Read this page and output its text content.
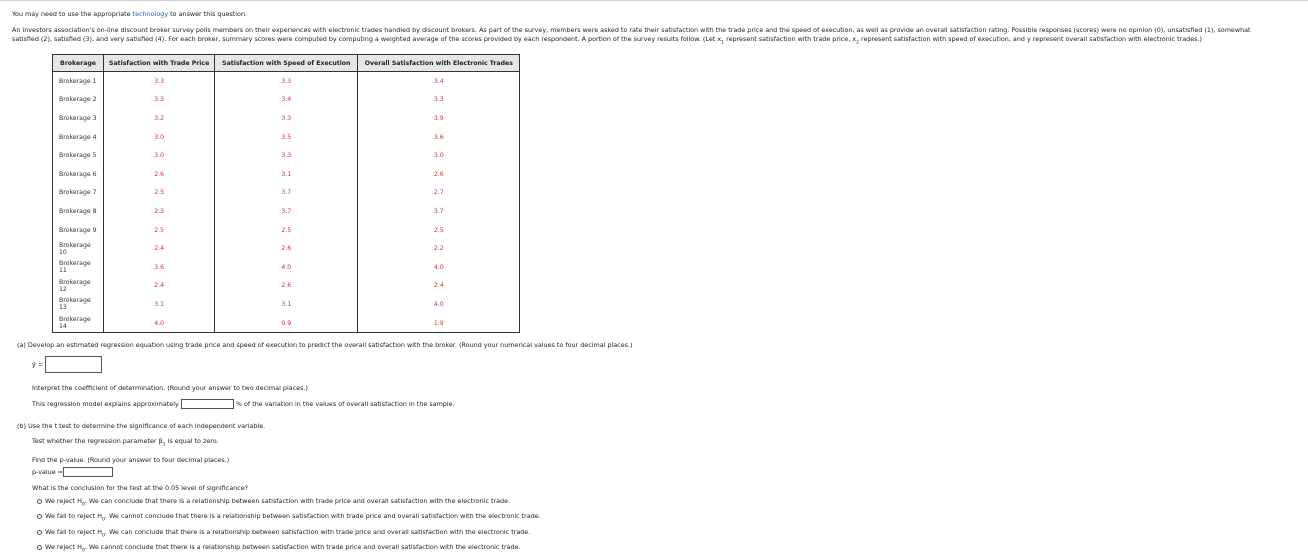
You may need to use the appropriate technology to answer this question.
An investors association's on-line discount broker survey polls members on their experiences with electronic trades handled by discount brokers. As part of the survey, members were asked to rate their satisfaction with the trade price and the speed of execution, as well as provide an overall satisfaction rating. Possible responses (scores) were no opinion (0), unsatisfied (1), somewhat
satisfied (2), satisfied (3), and very satisfied (4). For each broker, summary scores were computed by computing a weighted average of the scores provided by each respondent. A portion of the survey results follow. (Let $x_1$ represent satisfaction with trade price, $x_2$ represent satisfaction with speed of execution, and y represent overall satisfaction with electronic trades.)
Brokerage	Satisfaction with Trade Price	Satisfaction with Speed of Execution	Overall Satisfaction with Electronic Trades
Brokerage 1	3.3	3.3	3.4
Brokerage 2	3.3	3.4	3.3
Brokerage 3	3.2	3.3	3.9
Brokerage 4	3.0	3.5	3.6
Brokerage 5	3.0	3.3	3.0
Brokerage 6	2.6	3.1	2.6
Brokerage 7	2.5	3.7	2.7
Brokerage 8	2.3	3.7	3.7
Brokerage 9	2.5	2.5	2.5
Brokerage 10	2.4	2.6	2.2
Brokerage 11	3.6	4.0	4.0
Brokerage 12	2.4	2.6	2.4
Brokerage 13	3.1	3.1	4.0
Brokerage 14	4.0	0.9	1.9
(a) Develop an estimated regression equation using trade price and speed of execution to predict the overall satisfaction with the broker. (Round your numerical values to four decimal places.)
ŷ =
Interpret the coefficient of determination. (Round your answer to two decimal places.)
This regression model explains approximately	% of the variation in the values of overall satisfaction in the sample.
(b) Use the t test to determine the significance of each independent variable.
Test whether the regression parameter $\beta_1$ is equal to zero.
Find the p-value. (Round your answer to four decimal places.)
p-value =
What is the conclusion for the test at the 0.05 level of significance?
We reject $H_0$. We can conclude that there is a relationship between satisfaction with trade price and overall satisfaction with the electronic trade.
We fail to reject $H_0$. We cannot conclude that there is a relationship between satisfaction with trade price and overall satisfaction with the electronic trade.
We fail to reject $H_0$. We can conclude that there is a relationship between satisfaction with trade price and overall satisfaction with the electronic trade.
We reject $H_0$. We cannot conclude that there is a relationship between satisfaction with trade price and overall satisfaction with the electronic trade.
